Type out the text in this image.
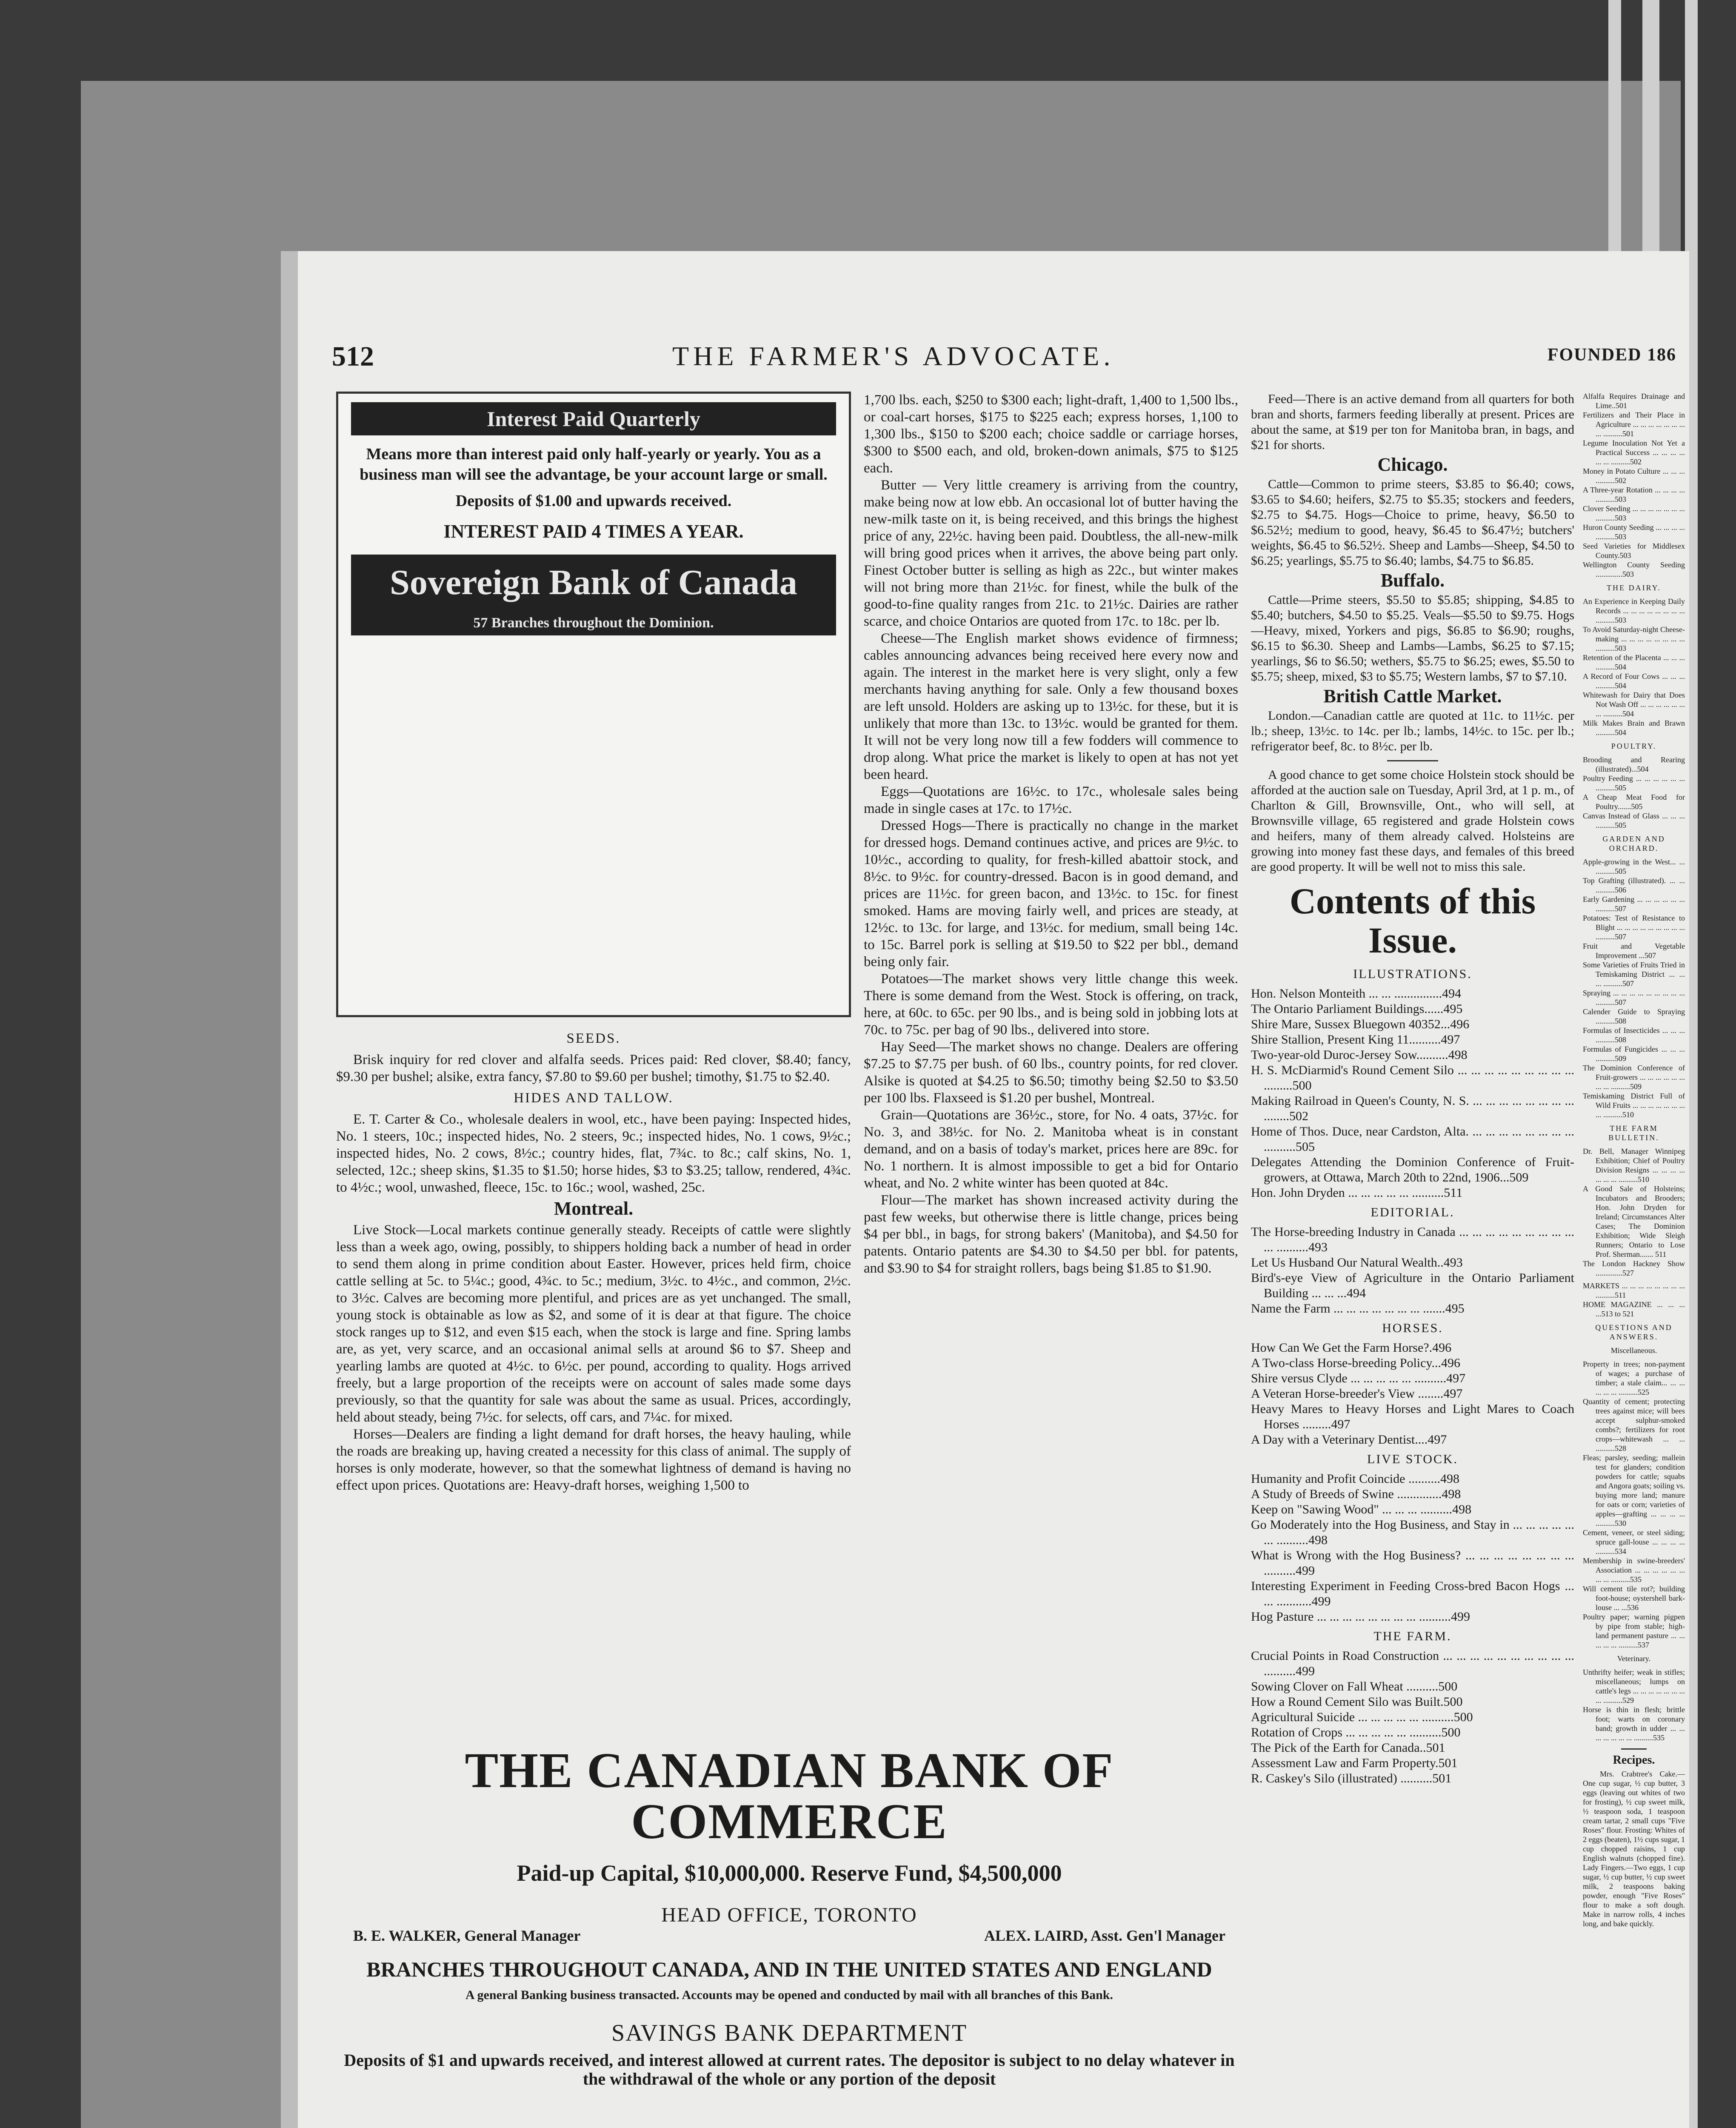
512	THE FARMER'S ADVOCATE.	FOUNDED 186
Interest Paid Quarterly
Means more than interest paid only half-yearly or yearly. You as a business man will see the advantage, be your account large or small.
Deposits of $1.00 and upwards received.
INTEREST PAID 4 TIMES A YEAR.
Sovereign Bank of Canada
57 Branches throughout the Dominion.
SEEDS.

Brisk inquiry for red clover and alfalfa seeds. Prices paid: Red clover, $8.40; fancy, $9.30 per bushel; alsike, extra fancy, $7.80 to $9.60 per bushel; timothy, $1.75 to $2.40.

HIDES AND TALLOW.

E. T. Carter & Co., wholesale dealers in wool, etc., have been paying: Inspected hides, No. 1 steers, 10c.; inspected hides, No. 2 steers, 9c.; inspected hides, No. 1 cows, 9½c.; inspected hides, No. 2 cows, 8½c.; country hides, flat, 7¾c. to 8c.; calf skins, No. 1, selected, 12c.; sheep skins, $1.35 to $1.50; horse hides, $3 to $3.25; tallow, rendered, 4¾c. to 4½c.; wool, unwashed, fleece, 15c. to 16c.; wool, washed, 25c.

Montreal.

Live Stock—Local markets continue generally steady. Receipts of cattle were slightly less than a week ago, owing, possibly, to shippers holding back a number of head in order to send them along in prime condition about Easter. However, prices held firm, choice cattle selling at 5c. to 5¼c.; good, 4¾c. to 5c.; medium, 3½c. to 4½c., and common, 2½c. to 3½c. Calves are becoming more plentiful, and prices are as yet unchanged. The small, young stock is obtainable as low as $2, and some of it is dear at that figure. The choice stock ranges up to $12, and even $15 each, when the stock is large and fine. Spring lambs are, as yet, very scarce, and an occasional animal sells at around $6 to $7. Sheep and yearling lambs are quoted at 4½c. to 6½c. per pound, according to quality. Hogs arrived freely, but a large proportion of the receipts were on account of sales made some days previously, so that the quantity for sale was about the same as usual. Prices, accordingly, held about steady, being 7½c. for selects, off cars, and 7¼c. for mixed.

Horses—Dealers are finding a light demand for draft horses, the heavy hauling, while the roads are breaking up, having created a necessity for this class of animal. The supply of horses is only moderate, however, so that the somewhat lightness of demand is having no effect upon prices. Quotations are: Heavy-draft horses, weighing 1,500 to

1,700 lbs. each, $250 to $300 each; light-draft, 1,400 to 1,500 lbs., or coal-cart horses, $175 to $225 each; express horses, 1,100 to 1,300 lbs., $150 to $200 each; choice saddle or carriage horses, $300 to $500 each, and old, broken-down animals, $75 to $125 each.

Butter — Very little creamery is arriving from the country, make being now at low ebb. An occasional lot of butter having the new-milk taste on it, is being received, and this brings the highest price of any, 22½c. having been paid. Doubtless, the all-new-milk will bring good prices when it arrives, the above being part only. Finest October butter is selling as high as 22c., but winter makes will not bring more than 21½c. for finest, while the bulk of the good-to-fine quality ranges from 21c. to 21½c. Dairies are rather scarce, and choice Ontarios are quoted from 17c. to 18c. per lb.

Cheese—The English market shows evidence of firmness; cables announcing advances being received here every now and again. The interest in the market here is very slight, only a few merchants having anything for sale. Only a few thousand boxes are left unsold. Holders are asking up to 13½c. for these, but it is unlikely that more than 13c. to 13½c. would be granted for them. It will not be very long now till a few fodders will commence to drop along. What price the market is likely to open at has not yet been heard.

Eggs—Quotations are 16½c. to 17c., wholesale sales being made in single cases at 17c. to 17½c.

Dressed Hogs—There is practically no change in the market for dressed hogs. Demand continues active, and prices are 9½c. to 10½c., according to quality, for fresh-killed abattoir stock, and 8½c. to 9½c. for country-dressed. Bacon is in good demand, and prices are 11½c. for green bacon, and 13½c. to 15c. for finest smoked. Hams are moving fairly well, and prices are steady, at 12½c. to 13c. for large, and 13½c. for medium, small being 14c. to 15c. Barrel pork is selling at $19.50 to $22 per bbl., demand being only fair.

Potatoes—The market shows very little change this week. There is some demand from the West. Stock is offering, on track, here, at 60c. to 65c. per 90 lbs., and is being sold in jobbing lots at 70c. to 75c. per bag of 90 lbs., delivered into store.

Hay Seed—The market shows no change. Dealers are offering $7.25 to $7.75 per bush. of 60 lbs., country points, for red clover. Alsike is quoted at $4.25 to $6.50; timothy being $2.50 to $3.50 per 100 lbs. Flaxseed is $1.20 per bushel, Montreal.

Grain—Quotations are 36½c., store, for No. 4 oats, 37½c. for No. 3, and 38½c. for No. 2. Manitoba wheat is in constant demand, and on a basis of today's market, prices here are 89c. for No. 1 northern. It is almost impossible to get a bid for Ontario wheat, and No. 2 white winter has been quoted at 84c.

Flour—The market has shown increased activity during the past few weeks, but otherwise there is little change, prices being $4 per bbl., in bags, for strong bakers' (Manitoba), and $4.50 for patents. Ontario patents are $4.30 to $4.50 per bbl. for patents, and $3.90 to $4 for straight rollers, bags being $1.85 to $1.90.

THE CANADIAN BANK OF COMMERCE
Paid-up Capital, $10,000,000. Reserve Fund, $4,500,000
HEAD OFFICE, TORONTO
B. E. WALKER, General Manager	ALEX. LAIRD, Asst. Gen'l Manager
BRANCHES THROUGHOUT CANADA, AND IN THE UNITED STATES AND ENGLAND
A general Banking business transacted. Accounts may be opened and conducted by mail with all branches of this Bank.
SAVINGS BANK DEPARTMENT
Deposits of $1 and upwards received, and interest allowed at current rates. The depositor is subject to no delay whatever in the withdrawal of the whole or any portion of the deposit

Feed—There is an active demand from all quarters for both bran and shorts, farmers feeding liberally at present. Prices are about the same, at $19 per ton for Manitoba bran, in bags, and $21 for shorts.

Chicago.

Cattle—Common to prime steers, $3.85 to $6.40; cows, $3.65 to $4.60; heifers, $2.75 to $5.35; stockers and feeders, $2.75 to $4.75. Hogs—Choice to prime, heavy, $6.50 to $6.52½; medium to good, heavy, $6.45 to $6.47½; butchers' weights, $6.45 to $6.52½. Sheep and Lambs—Sheep, $4.50 to $6.25; yearlings, $5.75 to $6.40; lambs, $4.75 to $6.85.

Buffalo.

Cattle—Prime steers, $5.50 to $5.85; shipping, $4.85 to $5.40; butchers, $4.50 to $5.25. Veals—$5.50 to $9.75. Hogs—Heavy, mixed, Yorkers and pigs, $6.85 to $6.90; roughs, $6.15 to $6.30. Sheep and Lambs—Lambs, $6.25 to $7.15; yearlings, $6 to $6.50; wethers, $5.75 to $6.25; ewes, $5.50 to $5.75; sheep, mixed, $3 to $5.75; Western lambs, $7 to $7.10.

British Cattle Market.

London.—Canadian cattle are quoted at 11c. to 11½c. per lb.; sheep, 13½c. to 14c. per lb.; lambs, 14½c. to 15c. per lb.; refrigerator beef, 8c. to 8½c. per lb.

A good chance to get some choice Holstein stock should be afforded at the auction sale on Tuesday, April 3rd, at 1 p. m., of Charlton & Gill, Brownsville, Ont., who will sell, at Brownsville village, 65 registered and grade Holstein cows and heifers, many of them already calved. Holsteins are growing into money fast these days, and females of this breed are good property. It will be well not to miss this sale.

Contents of this Issue.
ILLUSTRATIONS.
Hon. Nelson Monteith ... ... ...............494
The Ontario Parliament Buildings......495
Shire Mare, Sussex Bluegown 40352...496
Shire Stallion, Present King 11..........497
Two-year-old Duroc-Jersey Sow..........498
H. S. McDiarmid's Round Cement Silo ... ... ... ... ... ... ... ... ... .........500
Making Railroad in Queen's County, N. S. ... ... ... ... ... ... ... ... ........502
Home of Thos. Duce, near Cardston, Alta. ... ... ... ... ... ... ... ... ..........505
Delegates Attending the Dominion Conference of Fruit-growers, at Ottawa, March 20th to 22nd, 1906...509
Hon. John Dryden ... ... ... ... ... ..........511
EDITORIAL.
The Horse-breeding Industry in Canada ... ... ... ... ... ... ... ... ... ... ..........493
Let Us Husband Our Natural Wealth..493
Bird's-eye View of Agriculture in the Ontario Parliament Building ... ... ...494
Name the Farm ... ... ... ... ... ... ... .......495
HORSES.
How Can We Get the Farm Horse?.496
A Two-class Horse-breeding Policy...496
Shire versus Clyde ... ... ... ... ... ..........497
A Veteran Horse-breeder's View ........497
Heavy Mares to Heavy Horses and Light Mares to Coach Horses .........497
A Day with a Veterinary Dentist....497
LIVE STOCK.
Humanity and Profit Coincide ..........498
A Study of Breeds of Swine ..............498
Keep on "Sawing Wood" ... ... ... ..........498
Go Moderately into the Hog Business, and Stay in ... ... ... ... ... ... ..........498
What is Wrong with the Hog Business? ... ... ... ... ... ... ... ... ..........499
Interesting Experiment in Feeding Cross-bred Bacon Hogs ... ... ...........499
Hog Pasture ... ... ... ... ... ... ... ... ..........499
THE FARM.
Crucial Points in Road Construction ... ... ... ... ... ... ... ... ... ... ..........499
Sowing Clover on Fall Wheat ..........500
How a Round Cement Silo was Built.500
Agricultural Suicide ... ... ... ... ... ..........500
Rotation of Crops ... ... ... ... ... ..........500
The Pick of the Earth for Canada..501
Assessment Law and Farm Property.501
R. Caskey's Silo (illustrated) ..........501
Alfalfa Requires Drainage and Lime..501
Fertilizers and Their Place in Agriculture ... ... ... ... ... ... ... ... ..........501
Legume Inoculation Not Yet a Practical Success ... ... ... ... ... ... ..........502
Money in Potato Culture ... ... ... ..........502
A Three-year Rotation ... ... ... ... ..........503
Clover Seeding ... ... ... ... ... ... ... ..........503
Huron County Seeding ... ... ... ... ..........503
Seed Varieties for Middlesex County.503
Wellington County Seeding ..............503
THE DAIRY.
An Experience in Keeping Daily Records ... ... ... ... ... ... ... ... ..........503
To Avoid Saturday-night Cheese-making ... ... ... ... ... ... ... ... ..........503
Retention of the Placenta ... ... ... ..........504
A Record of Four Cows ... ... ... ..........504
Whitewash for Dairy that Does Not Wash Off ... ... ... ... ... ... ... ..........504
Milk Makes Brain and Brawn ..........504
POULTRY.
Brooding and Rearing (illustrated)...504
Poultry Feeding ... ... ... ... ... ... ..........505
A Cheap Meat Food for Poultry.......505
Canvas Instead of Glass ... ... ... ..........505
GARDEN AND ORCHARD.
Apple-growing in the West... ... ..........505
Top Grafting (illustrated). ... ... ..........506
Early Gardening ... ... ... ... ... ... ..........507
Potatoes: Test of Resistance to Blight ... ... ... ... ... ... ... ... ... ..........507
Fruit and Vegetable Improvement ...507
Some Varieties of Fruits Tried in Temiskaming District ... ... ... ..........507
Spraying ... ... ... ... ... ... ... ... ... ..........507
Calender Guide to Spraying ..........508
Formulas of Insecticides ... ... ... ..........508
Formulas of Fungicides ... ... ... ..........509
The Dominion Conference of Fruit-growers ... ... ... ... ... ... ... ... ..........509
Temiskaming District Full of Wild Fruits ... ... ... ... ... ... ... ... ..........510
THE FARM BULLETIN.
Dr. Bell, Manager Winnipeg Exhibition; Chief of Poultry Division Resigns ... ... ... ... ... ... ... ..........510
A Good Sale of Holsteins; Incubators and Brooders; Hon. John Dryden for Ireland; Circumstances Alter Cases; The Dominion Exhibition; Wide Sleigh Runners; Ontario to Lose Prof. Sherman....... 511
The London Hackney Show ..............527
MARKETS ... ... ... ... ... ... ... ... ..........511
HOME MAGAZINE ... ... ... ...513 to 521
QUESTIONS AND ANSWERS.
Miscellaneous.
Property in trees; non-payment of wages; a purchase of timber; a stale claim... ... ... ... ... ... ..........525
Quantity of cement; protecting trees against mice; will bees accept sulphur-smoked combs?; fertilizers for root crops—whitewash ... ... ..........528
Fleas; parsley, seeding; mallein test for glanders; condition powders for cattle; squabs and Angora goats; soiling vs. buying more land; manure for oats or corn; varieties of apples—grafting ... ... ... ... ..........530
Cement, veneer, or steel siding; spruce gall-louse ... ... ... ... ..........534
Membership in swine-breeders' Association ... ... ... ... ... ... ... ... ..........535
Will cement tile rot?; building foot-house; oystershell bark-louse ... ...536
Poultry paper; warning pigpen by pipe from stable; high-land permanent pasture ... ... ... ... ... ..........537
Veterinary.
Unthrifty heifer; weak in stifles; miscellaneous; lumps on cattle's legs ... ... ... ... ... ... ... ... ..........529
Horse is thin in flesh; brittle foot; warts on coronary band; growth in udder ... ... ... ... ... ... ... ..........535
Recipes.

Mrs. Crabtree's Cake.—One cup sugar, ½ cup butter, 3 eggs (leaving out whites of two for frosting), ½ cup sweet milk, ½ teaspoon soda, 1 teaspoon cream tartar, 2 small cups "Five Roses" flour. Frosting: Whites of 2 eggs (beaten), 1½ cups sugar, 1 cup chopped raisins, 1 cup English walnuts (chopped fine). Lady Fingers.—Two eggs, 1 cup sugar, ½ cup butter, ½ cup sweet milk, 2 teaspoons baking powder, enough "Five Roses" flour to make a soft dough. Make in narrow rolls, 4 inches long, and bake quickly.
